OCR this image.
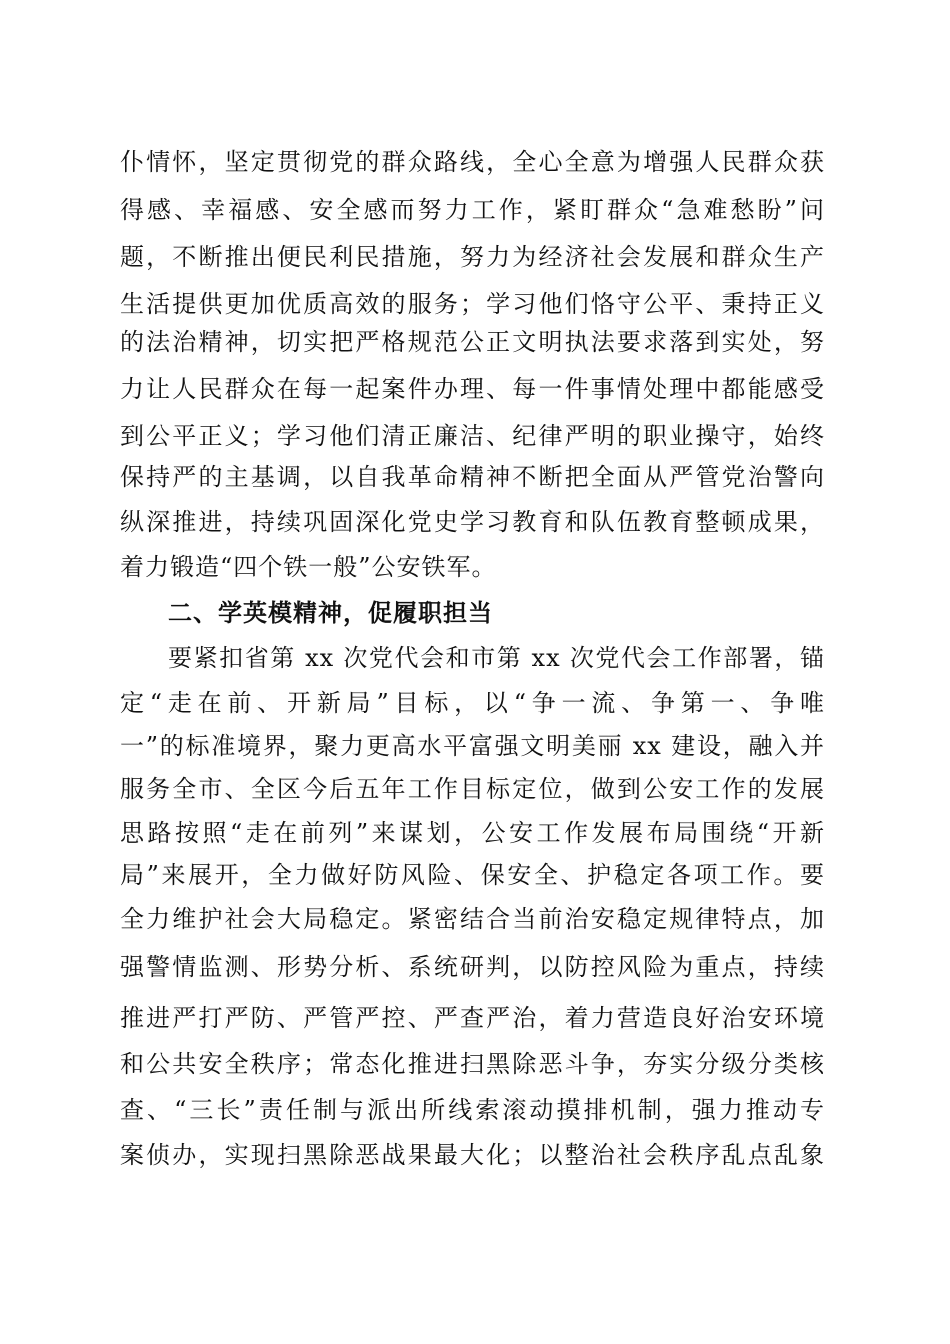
仆情怀，坚定贯彻党的群众路线，全心全意为增强人民群众获
得感、幸福感、安全感而努力工作，紧盯群众“急难愁盼”问
题，不断推出便民利民措施，努力为经济社会发展和群众生产
生活提供更加优质高效的服务；学习他们恪守公平、秉持正义
的法治精神，切实把严格规范公正文明执法要求落到实处，努
力让人民群众在每一起案件办理、每一件事情处理中都能感受
到公平正义；学习他们清正廉洁、纪律严明的职业操守，始终
保持严的主基调，以自我革命精神不断把全面从严管党治警向
纵深推进，持续巩固深化党史学习教育和队伍教育整顿成果，
着力锻造“四个铁一般”公安铁军。
二、学英模精神，促履职担当
要紧扣省第 xx 次党代会和市第 xx 次党代会工作部署，锚
定“走在前、开新局”目标，以“争一流、争第一、争唯
一”的标准境界，聚力更高水平富强文明美丽 xx 建设，融入并
服务全市、全区今后五年工作目标定位，做到公安工作的发展
思路按照“走在前列”来谋划，公安工作发展布局围绕“开新
局”来展开，全力做好防风险、保安全、护稳定各项工作。要
全力维护社会大局稳定。紧密结合当前治安稳定规律特点，加
强警情监测、形势分析、系统研判，以防控风险为重点，持续
推进严打严防、严管严控、严查严治，着力营造良好治安环境
和公共安全秩序；常态化推进扫黑除恶斗争，夯实分级分类核
查、“三长”责任制与派出所线索滚动摸排机制，强力推动专
案侦办，实现扫黑除恶战果最大化；以整治社会秩序乱点乱象
